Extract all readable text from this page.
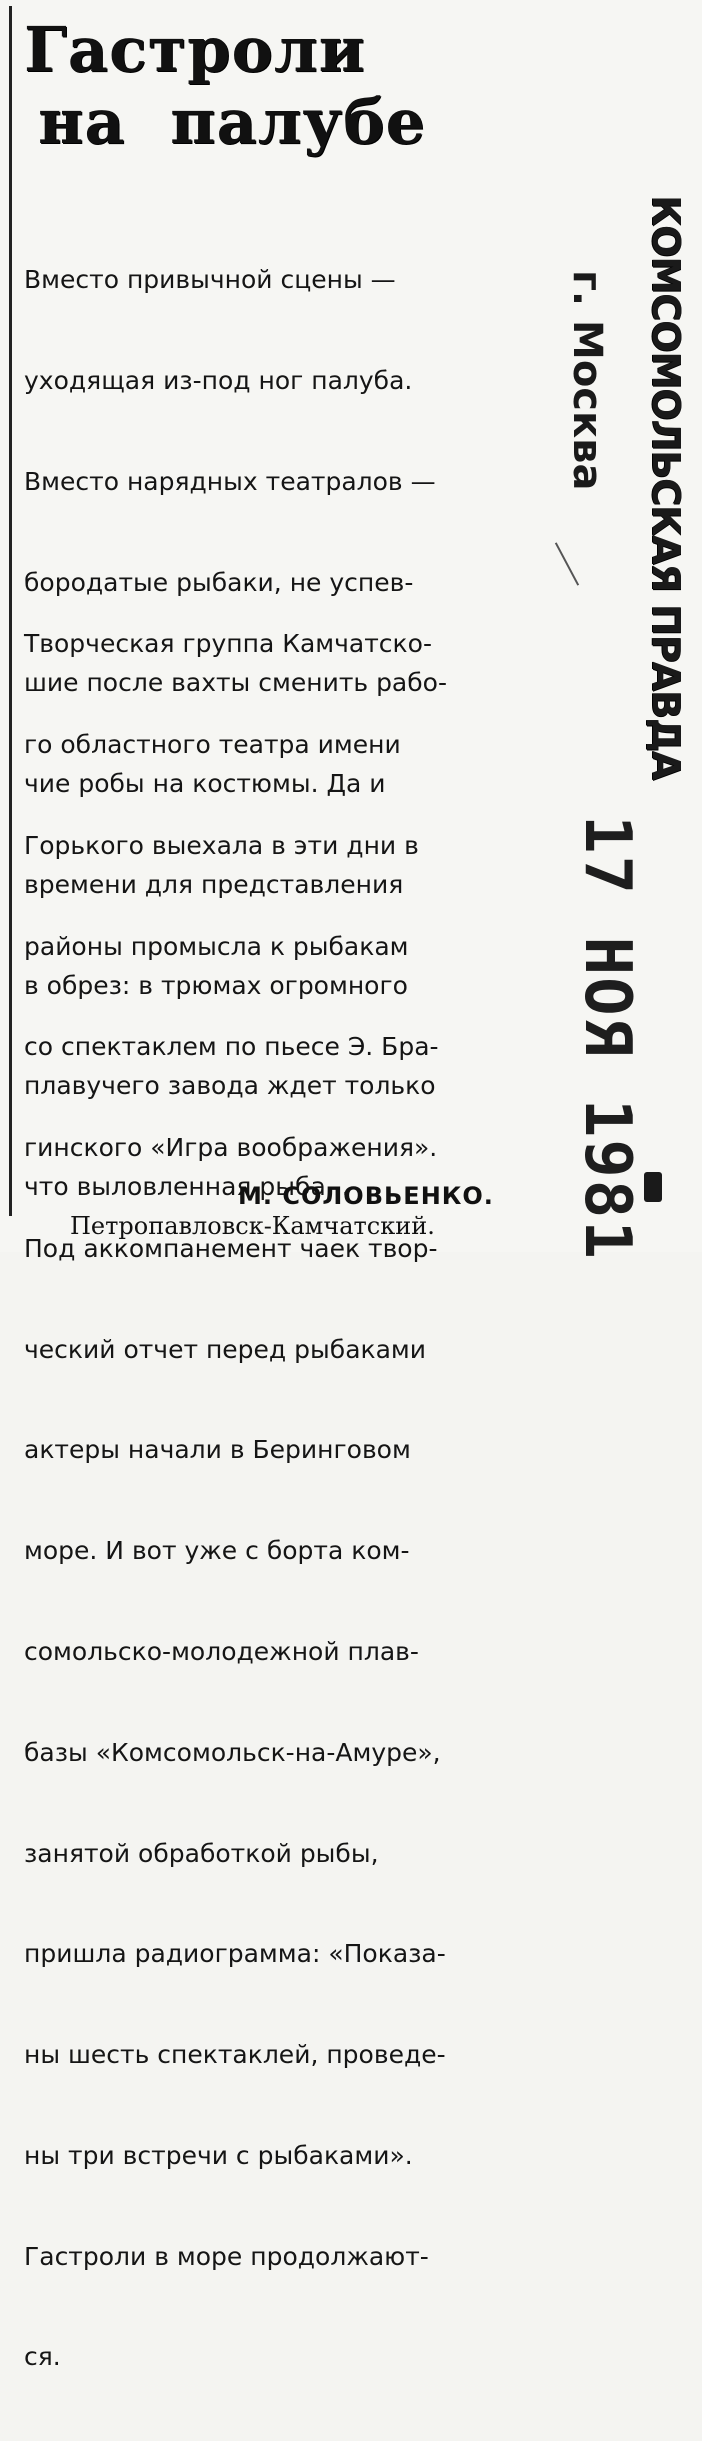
Гастроли
на палубе

Вместо привычной сцены —

уходящая из-под ног палуба.

Вместо нарядных театралов —

бородатые рыбаки, не успев-

шие после вахты сменить рабо-

чие робы на костюмы. Да и

времени для представления

в обрез: в трюмах огромного

плавучего завода ждет только

что выловленная рыба...

Творческая группа Камчатско-

го областного театра имени

Горького выехала в эти дни в

районы промысла к рыбакам

со спектаклем по пьесе Э. Бра-

гинского «Игра воображения».

Под аккомпанемент чаек твор-

ческий отчет перед рыбаками

актеры начали в Беринговом

море. И вот уже с борта ком-

сомольско-молодежной плав-

базы «Комсомольск-на-Амуре»,

занятой обработкой рыбы,

пришла радиограмма: «Показа-

ны шесть спектаклей, проведе-

ны три встречи с рыбаками».

Гастроли в море продолжают-

ся.

М. СОЛОВЬЕНКО.
Петропавловск-Камчатский.
КОМСОМОЛЬСКАЯ ПРАВДА
г. Москва
17 НОЯ 1981
